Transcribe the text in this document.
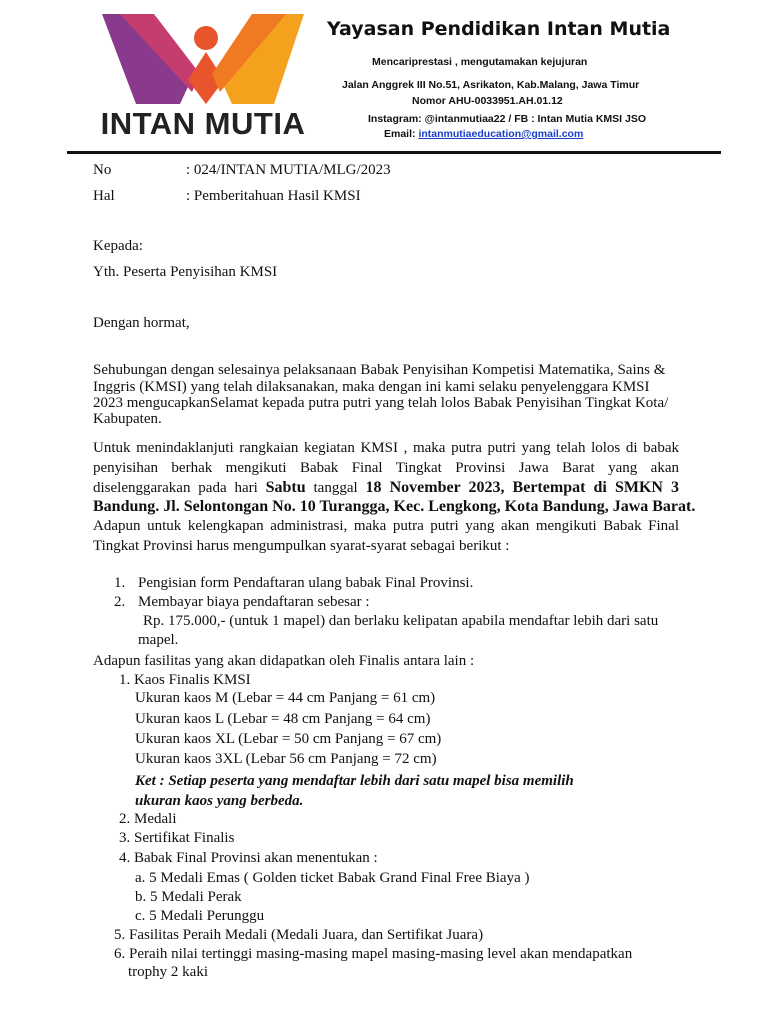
INTAN MUTIA
Yayasan Pendidikan Intan Mutia
Mencariprestasi , mengutamakan kejujuran
Jalan Anggrek III No.51, Asrikaton, Kab.Malang, Jawa Timur
Nomor AHU-0033951.AH.01.12
Instagram: @intanmutiaa22 / FB : Intan Mutia KMSI JSO
Email: intanmutiaeducation@gmail.com
No	: 024/INTAN MUTIA/MLG/2023
Hal	: Pemberitahuan Hasil KMSI
Kepada:
Yth. Peserta Penyisihan KMSI
Dengan hormat,
Sehubungan dengan selesainya pelaksanaan Babak Penyisihan Kompetisi Matematika, Sains &
Inggris (KMSI) yang telah dilaksanakan, maka dengan ini kami selaku penyelenggara KMSI
2023 mengucapkanSelamat kepada putra putri yang telah lolos Babak Penyisihan Tingkat Kota/
Kabupaten.
Untuk menindaklanjuti rangkaian kegiatan KMSI , maka putra putri yang telah lolos di babak
penyisihan berhak mengikuti Babak Final Tingkat Provinsi Jawa Barat yang akan
diselenggarakan pada hari Sabtu tanggal 18 November 2023, Bertempat di SMKN 3
Bandung. Jl. Selontongan No. 10 Turangga, Kec. Lengkong, Kota Bandung, Jawa Barat.
Adapun untuk kelengkapan administrasi, maka putra putri yang akan mengikuti Babak Final
Tingkat Provinsi harus mengumpulkan syarat-syarat sebagai berikut :
1. Pengisian form Pendaftaran ulang babak Final Provinsi.
2. Membayar biaya pendaftaran sebesar :
Rp. 175.000,- (untuk 1 mapel) dan berlaku kelipatan apabila mendaftar lebih dari satu
mapel.
Adapun fasilitas yang akan didapatkan oleh Finalis antara lain :
1. Kaos Finalis KMSI
Ukuran kaos M (Lebar = 44 cm Panjang = 61 cm)
Ukuran kaos L (Lebar = 48 cm Panjang = 64 cm)
Ukuran kaos XL (Lebar = 50 cm Panjang = 67 cm)
Ukuran kaos 3XL (Lebar 56 cm Panjang = 72 cm)
Ket : Setiap peserta yang mendaftar lebih dari satu mapel bisa memilih
ukuran kaos yang berbeda.
2. Medali
3. Sertifikat Finalis
4. Babak Final Provinsi akan menentukan :
a. 5 Medali Emas ( Golden ticket Babak Grand Final Free Biaya )
b. 5 Medali Perak
c. 5 Medali Perunggu
5. Fasilitas Peraih Medali (Medali Juara, dan Sertifikat Juara)
6. Peraih nilai tertinggi masing-masing mapel masing-masing level akan mendapatkan
trophy 2 kaki
